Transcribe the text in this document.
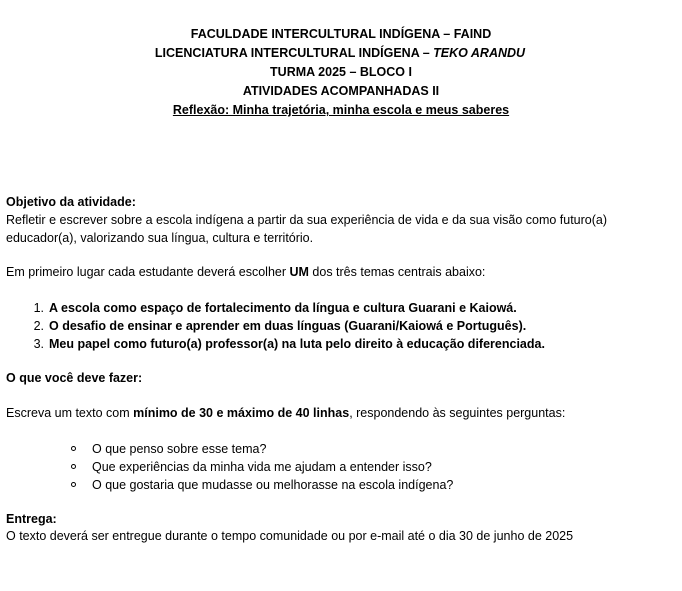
FACULDADE INTERCULTURAL INDÍGENA – FAIND
LICENCIATURA INTERCULTURAL INDÍGENA – TEKO ARANDU
TURMA 2025 – BLOCO I
ATIVIDADES ACOMPANHADAS II
Reflexão: Minha trajetória, minha escola e meus saberes
Objetivo da atividade:
Refletir e escrever sobre a escola indígena a partir da sua experiência de vida e da sua visão como futuro(a)
educador(a), valorizando sua língua, cultura e território.
Em primeiro lugar cada estudante deverá escolher UM dos três temas centrais abaixo:
1. A escola como espaço de fortalecimento da língua e cultura Guarani e Kaiowá.
2. O desafio de ensinar e aprender em duas línguas (Guarani/Kaiowá e Português).
3. Meu papel como futuro(a) professor(a) na luta pelo direito à educação diferenciada.
O que você deve fazer:
Escreva um texto com mínimo de 30 e máximo de 40 linhas, respondendo às seguintes perguntas:
O que penso sobre esse tema?
Que experiências da minha vida me ajudam a entender isso?
O que gostaria que mudasse ou melhorasse na escola indígena?
Entrega:
O texto deverá ser entregue durante o tempo comunidade ou por e-mail até o dia 30 de junho de 2025
